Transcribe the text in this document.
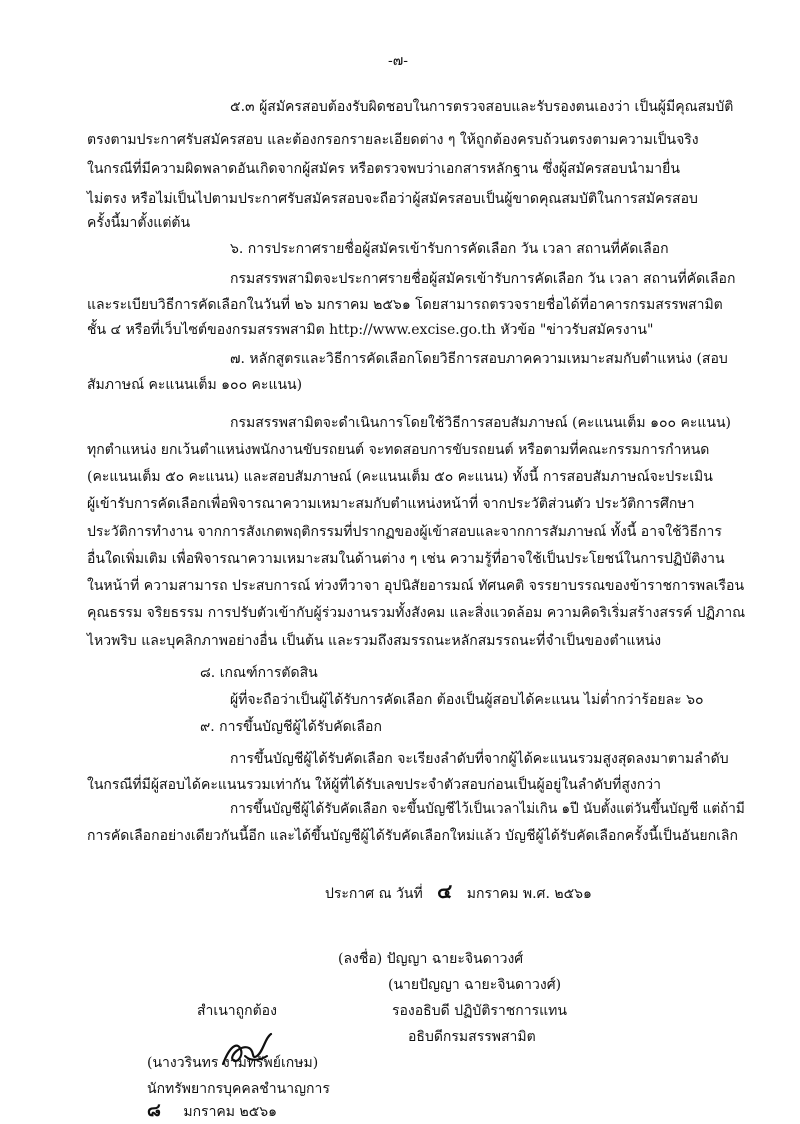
-๗-
๕.๓ ผู้สมัครสอบต้องรับผิดชอบในการตรวจสอบและรับรองตนเองว่า เป็นผู้มีคุณสมบัติ
ตรงตามประกาศรับสมัครสอบ และต้องกรอกรายละเอียดต่าง ๆ ให้ถูกต้องครบถ้วนตรงตามความเป็นจริง
ในกรณีที่มีความผิดพลาดอันเกิดจากผู้สมัคร หรือตรวจพบว่าเอกสารหลักฐาน ซึ่งผู้สมัครสอบนำมายื่น
ไม่ตรง หรือไม่เป็นไปตามประกาศรับสมัครสอบจะถือว่าผู้สมัครสอบเป็นผู้ขาดคุณสมบัติในการสมัครสอบ
ครั้งนี้มาตั้งแต่ต้น
๖. การประกาศรายชื่อผู้สมัครเข้ารับการคัดเลือก วัน เวลา สถานที่คัดเลือก
กรมสรรพสามิตจะประกาศรายชื่อผู้สมัครเข้ารับการคัดเลือก วัน เวลา สถานที่คัดเลือก
และระเบียบวิธีการคัดเลือกในวันที่ ๒๖ มกราคม ๒๕๖๑ โดยสามารถตรวจรายชื่อได้ที่อาคารกรมสรรพสามิต
ชั้น ๔ หรือที่เว็บไซต์ของกรมสรรพสามิต http://www.excise.go.th หัวข้อ "ข่าวรับสมัครงาน"
๗. หลักสูตรและวิธีการคัดเลือกโดยวิธีการสอบภาคความเหมาะสมกับตำแหน่ง (สอบ
สัมภาษณ์ คะแนนเต็ม ๑๐๐ คะแนน)
กรมสรรพสามิตจะดำเนินการโดยใช้วิธีการสอบสัมภาษณ์ (คะแนนเต็ม ๑๐๐ คะแนน)
ทุกตำแหน่ง ยกเว้นตำแหน่งพนักงานขับรถยนต์ จะทดสอบการขับรถยนต์ หรือตามที่คณะกรรมการกำหนด
(คะแนนเต็ม ๕๐ คะแนน) และสอบสัมภาษณ์ (คะแนนเต็ม ๕๐ คะแนน) ทั้งนี้ การสอบสัมภาษณ์จะประเมิน
ผู้เข้ารับการคัดเลือกเพื่อพิจารณาความเหมาะสมกับตำแหน่งหน้าที่ จากประวัติส่วนตัว ประวัติการศึกษา
ประวัติการทำงาน จากการสังเกตพฤติกรรมที่ปรากฏของผู้เข้าสอบและจากการสัมภาษณ์ ทั้งนี้ อาจใช้วิธีการ
อื่นใดเพิ่มเติม เพื่อพิจารณาความเหมาะสมในด้านต่าง ๆ เช่น ความรู้ที่อาจใช้เป็นประโยชน์ในการปฏิบัติงาน
ในหน้าที่ ความสามารถ ประสบการณ์ ท่วงทีวาจา อุปนิสัยอารมณ์ ทัศนคติ จรรยาบรรณของข้าราชการพลเรือน
คุณธรรม จริยธรรม การปรับตัวเข้ากับผู้ร่วมงานรวมทั้งสังคม และสิ่งแวดล้อม ความคิดริเริ่มสร้างสรรค์ ปฏิภาณ
ไหวพริบ และบุคลิกภาพอย่างอื่น เป็นต้น และรวมถึงสมรรถนะหลักสมรรถนะที่จำเป็นของตำแหน่ง
๘. เกณฑ์การตัดสิน
ผู้ที่จะถือว่าเป็นผู้ได้รับการคัดเลือก ต้องเป็นผู้สอบได้คะแนน ไม่ต่ำกว่าร้อยละ ๖๐
๙. การขึ้นบัญชีผู้ได้รับคัดเลือก
การขึ้นบัญชีผู้ได้รับคัดเลือก จะเรียงลำดับที่จากผู้ได้คะแนนรวมสูงสุดลงมาตามลำดับ
ในกรณีที่มีผู้สอบได้คะแนนรวมเท่ากัน ให้ผู้ที่ได้รับเลขประจำตัวสอบก่อนเป็นผู้อยู่ในลำดับที่สูงกว่า
การขึ้นบัญชีผู้ได้รับคัดเลือก จะขึ้นบัญชีไว้เป็นเวลาไม่เกิน ๑ปี นับตั้งแต่วันขึ้นบัญชี แต่ถ้ามี
การคัดเลือกอย่างเดียวกันนี้อีก และได้ขึ้นบัญชีผู้ได้รับคัดเลือกใหม่แล้ว บัญชีผู้ได้รับคัดเลือกครั้งนี้เป็นอันยกเลิก
ประกาศ ณ วันที่ ๔ มกราคม พ.ศ. ๒๕๖๑
(ลงชื่อ) ปัญญา ฉายะจินดาวงศ์
(นายปัญญา ฉายะจินดาวงศ์)
รองอธิบดี ปฏิบัติราชการแทน
อธิบดีกรมสรรพสามิต
สำเนาถูกต้อง
(นางวรินทร งามทรัพย์เกษม)
นักทรัพยากรบุคคลชำนาญการ
๘ มกราคม ๒๕๖๑
